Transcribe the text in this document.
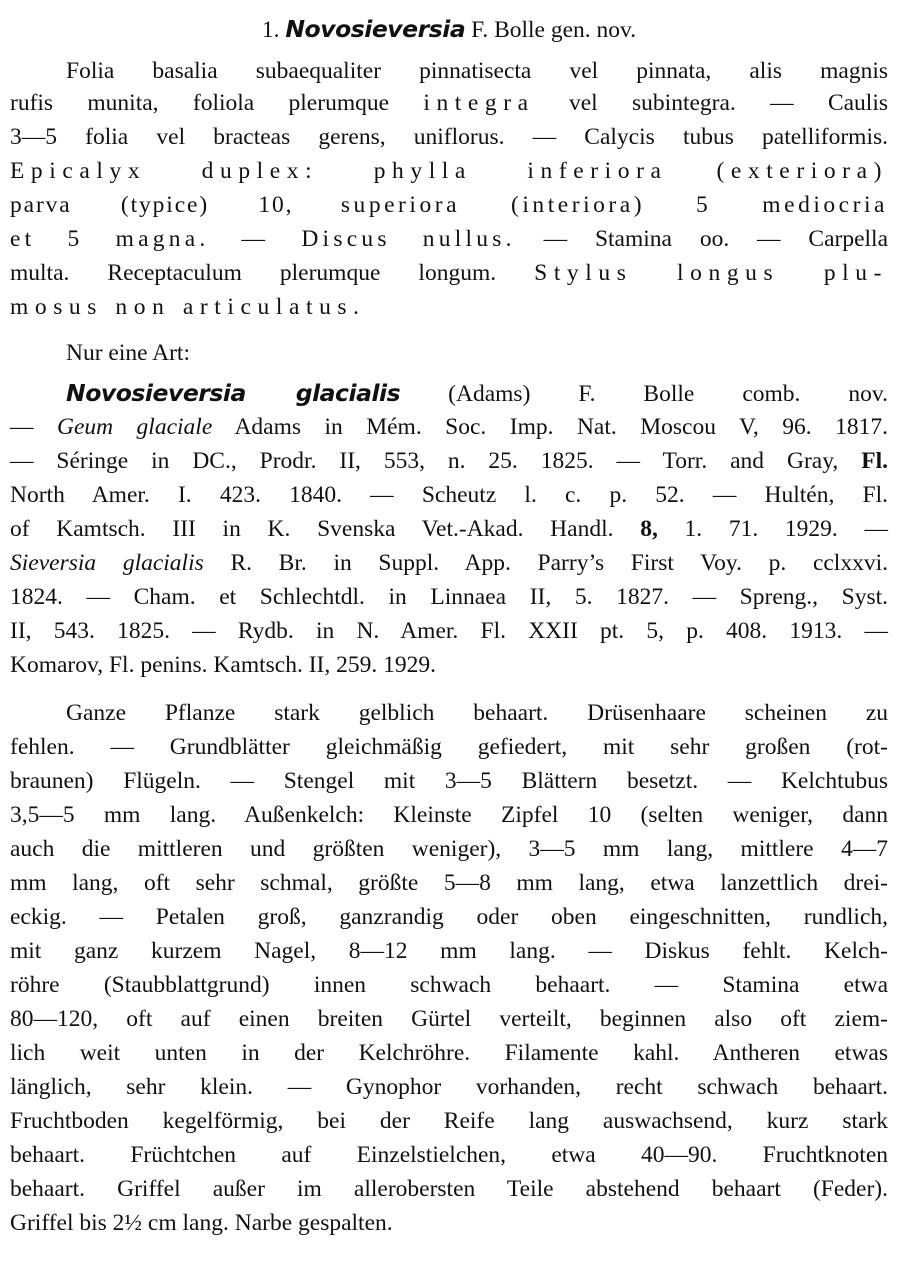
1. Novosieversia F. Bolle gen. nov.
Folia basalia subaequaliter pinnatisecta vel pinnata, alis magnis
rufis munita, foliola plerumque integra vel subintegra. — Caulis
3—5 folia vel bracteas gerens, uniflorus. — Calycis tubus patelliformis.
Epicalyx duplex: phylla inferiora (exteriora)
parva (typice) 10, superiora (interiora) 5 mediocria
et 5 magna. — Discus nullus. — Stamina oo. — Carpella
multa. Receptaculum plerumque longum. Stylus longus plu-
mosus non articulatus.
Nur eine Art:
Novosieversia glacialis (Adams) F. Bolle comb. nov.
— Geum glaciale Adams in Mém. Soc. Imp. Nat. Moscou V, 96. 1817.
— Séringe in DC., Prodr. II, 553, n. 25. 1825. — Torr. and Gray, Fl.
North Amer. I. 423. 1840. — Scheutz l. c. p. 52. — Hultén, Fl.
of Kamtsch. III in K. Svenska Vet.-Akad. Handl. 8, 1. 71. 1929. —
Sieversia glacialis R. Br. in Suppl. App. Parry’s First Voy. p. cclxxvi.
1824. — Cham. et Schlechtdl. in Linnaea II, 5. 1827. — Spreng., Syst.
II, 543. 1825. — Rydb. in N. Amer. Fl. XXII pt. 5, p. 408. 1913. —
Komarov, Fl. penins. Kamtsch. II, 259. 1929.
Ganze Pflanze stark gelblich behaart. Drüsenhaare scheinen zu
fehlen. — Grundblätter gleichmäßig gefiedert, mit sehr großen (rot-
braunen) Flügeln. — Stengel mit 3—5 Blättern besetzt. — Kelchtubus
3,5—5 mm lang. Außenkelch: Kleinste Zipfel 10 (selten weniger, dann
auch die mittleren und größten weniger), 3—5 mm lang, mittlere 4—7
mm lang, oft sehr schmal, größte 5—8 mm lang, etwa lanzettlich drei-
eckig. — Petalen groß, ganzrandig oder oben eingeschnitten, rundlich,
mit ganz kurzem Nagel, 8—12 mm lang. — Diskus fehlt. Kelch-
röhre (Staubblattgrund) innen schwach behaart. — Stamina etwa
80—120, oft auf einen breiten Gürtel verteilt, beginnen also oft ziem-
lich weit unten in der Kelchröhre. Filamente kahl. Antheren etwas
länglich, sehr klein. — Gynophor vorhanden, recht schwach behaart.
Fruchtboden kegelförmig, bei der Reife lang auswachsend, kurz stark
behaart. Früchtchen auf Einzelstielchen, etwa 40—90. Fruchtknoten
behaart. Griffel außer im allerobersten Teile abstehend behaart (Feder).
Griffel bis 2½ cm lang. Narbe gespalten.
